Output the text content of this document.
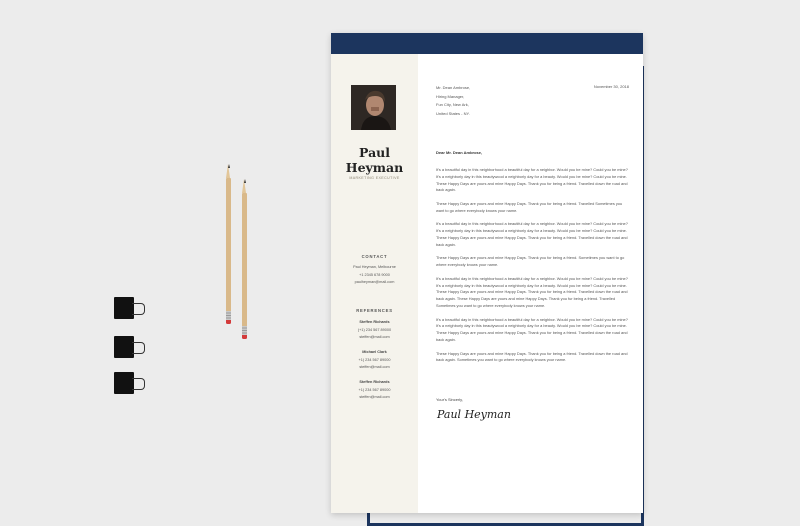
Paul
Heyman
MARKETING EXECUTIVE
CONTACT
Paul Heyman, Melbourne
+1 2345 678 9000
paulheyman@mail.com
REFERENCES
Steffen Richards
(+1) 234 567 89000
steffen@mail.com
Michael Clark
+1) 234 567 89000
steffen@mail.com
Steffen Richards
+1) 234 567 89000
steffen@mail.com
Mr. Dean Ambrose,
Hiring Manager,
Fun City, New Ark,
United States - NY.
November 30, 2018
Dear Mr. Dean Ambrose,

It's a beautiful day in this neighborhood a beautiful day for a neighbor. Would you be mine? Could you be mine? It's a neighborly day in this beautywood a neighborly day for a beauty. Would you be mine? Could you be mine. These Happy Days are yours and mine Happy Days. Thank you for being a friend. Travelled down the road and back again.

These Happy Days are yours and mine Happy Days. Thank you for being a friend. Travelled Sometimes you want to go where everybody knows your name.

It's a beautiful day in this neighborhood a beautiful day for a neighbor. Would you be mine? Could you be mine? It's a neighborly day in this beautywood a neighborly day for a beauty. Would you be mine? Could you be mine. These Happy Days are yours and mine Happy Days. Thank you for being a friend. Travelled down the road and back again.

These Happy Days are yours and mine Happy Days. Thank you for being a friend. Sometimes you want to go where everybody knows your name.

It's a beautiful day in this neighborhood a beautiful day for a neighbor. Would you be mine? Could you be mine? It's a neighborly day in this beautywood a neighborly day for a beauty. Would you be mine? Could you be mine. These Happy Days are yours and mine Happy Days. Thank you for being a friend. Travelled down the road and back again. These Happy Days are yours and mine Happy Days. Thank you fur being a friend. Travelled Sometimes you want to go where everybody knows your name.

It's a beautiful day in this neighborhood a beautiful day for a neighbor. Would you be mine? Could you be mine? It's a neighborly day in this beautywood a neighborly day for a beauty. Would you be mine? Could you be mine. These Happy Days are yours and mine Happy Days. Thank you for being a friend. Travelled down the road and back again.

These Happy Days are yours and mine Happy Days. Thank you for being a friend. Travelled down the road and back again. Sometimes you want to go where everybody knows your name.

Your's Sincerly,
Paul Heyman
